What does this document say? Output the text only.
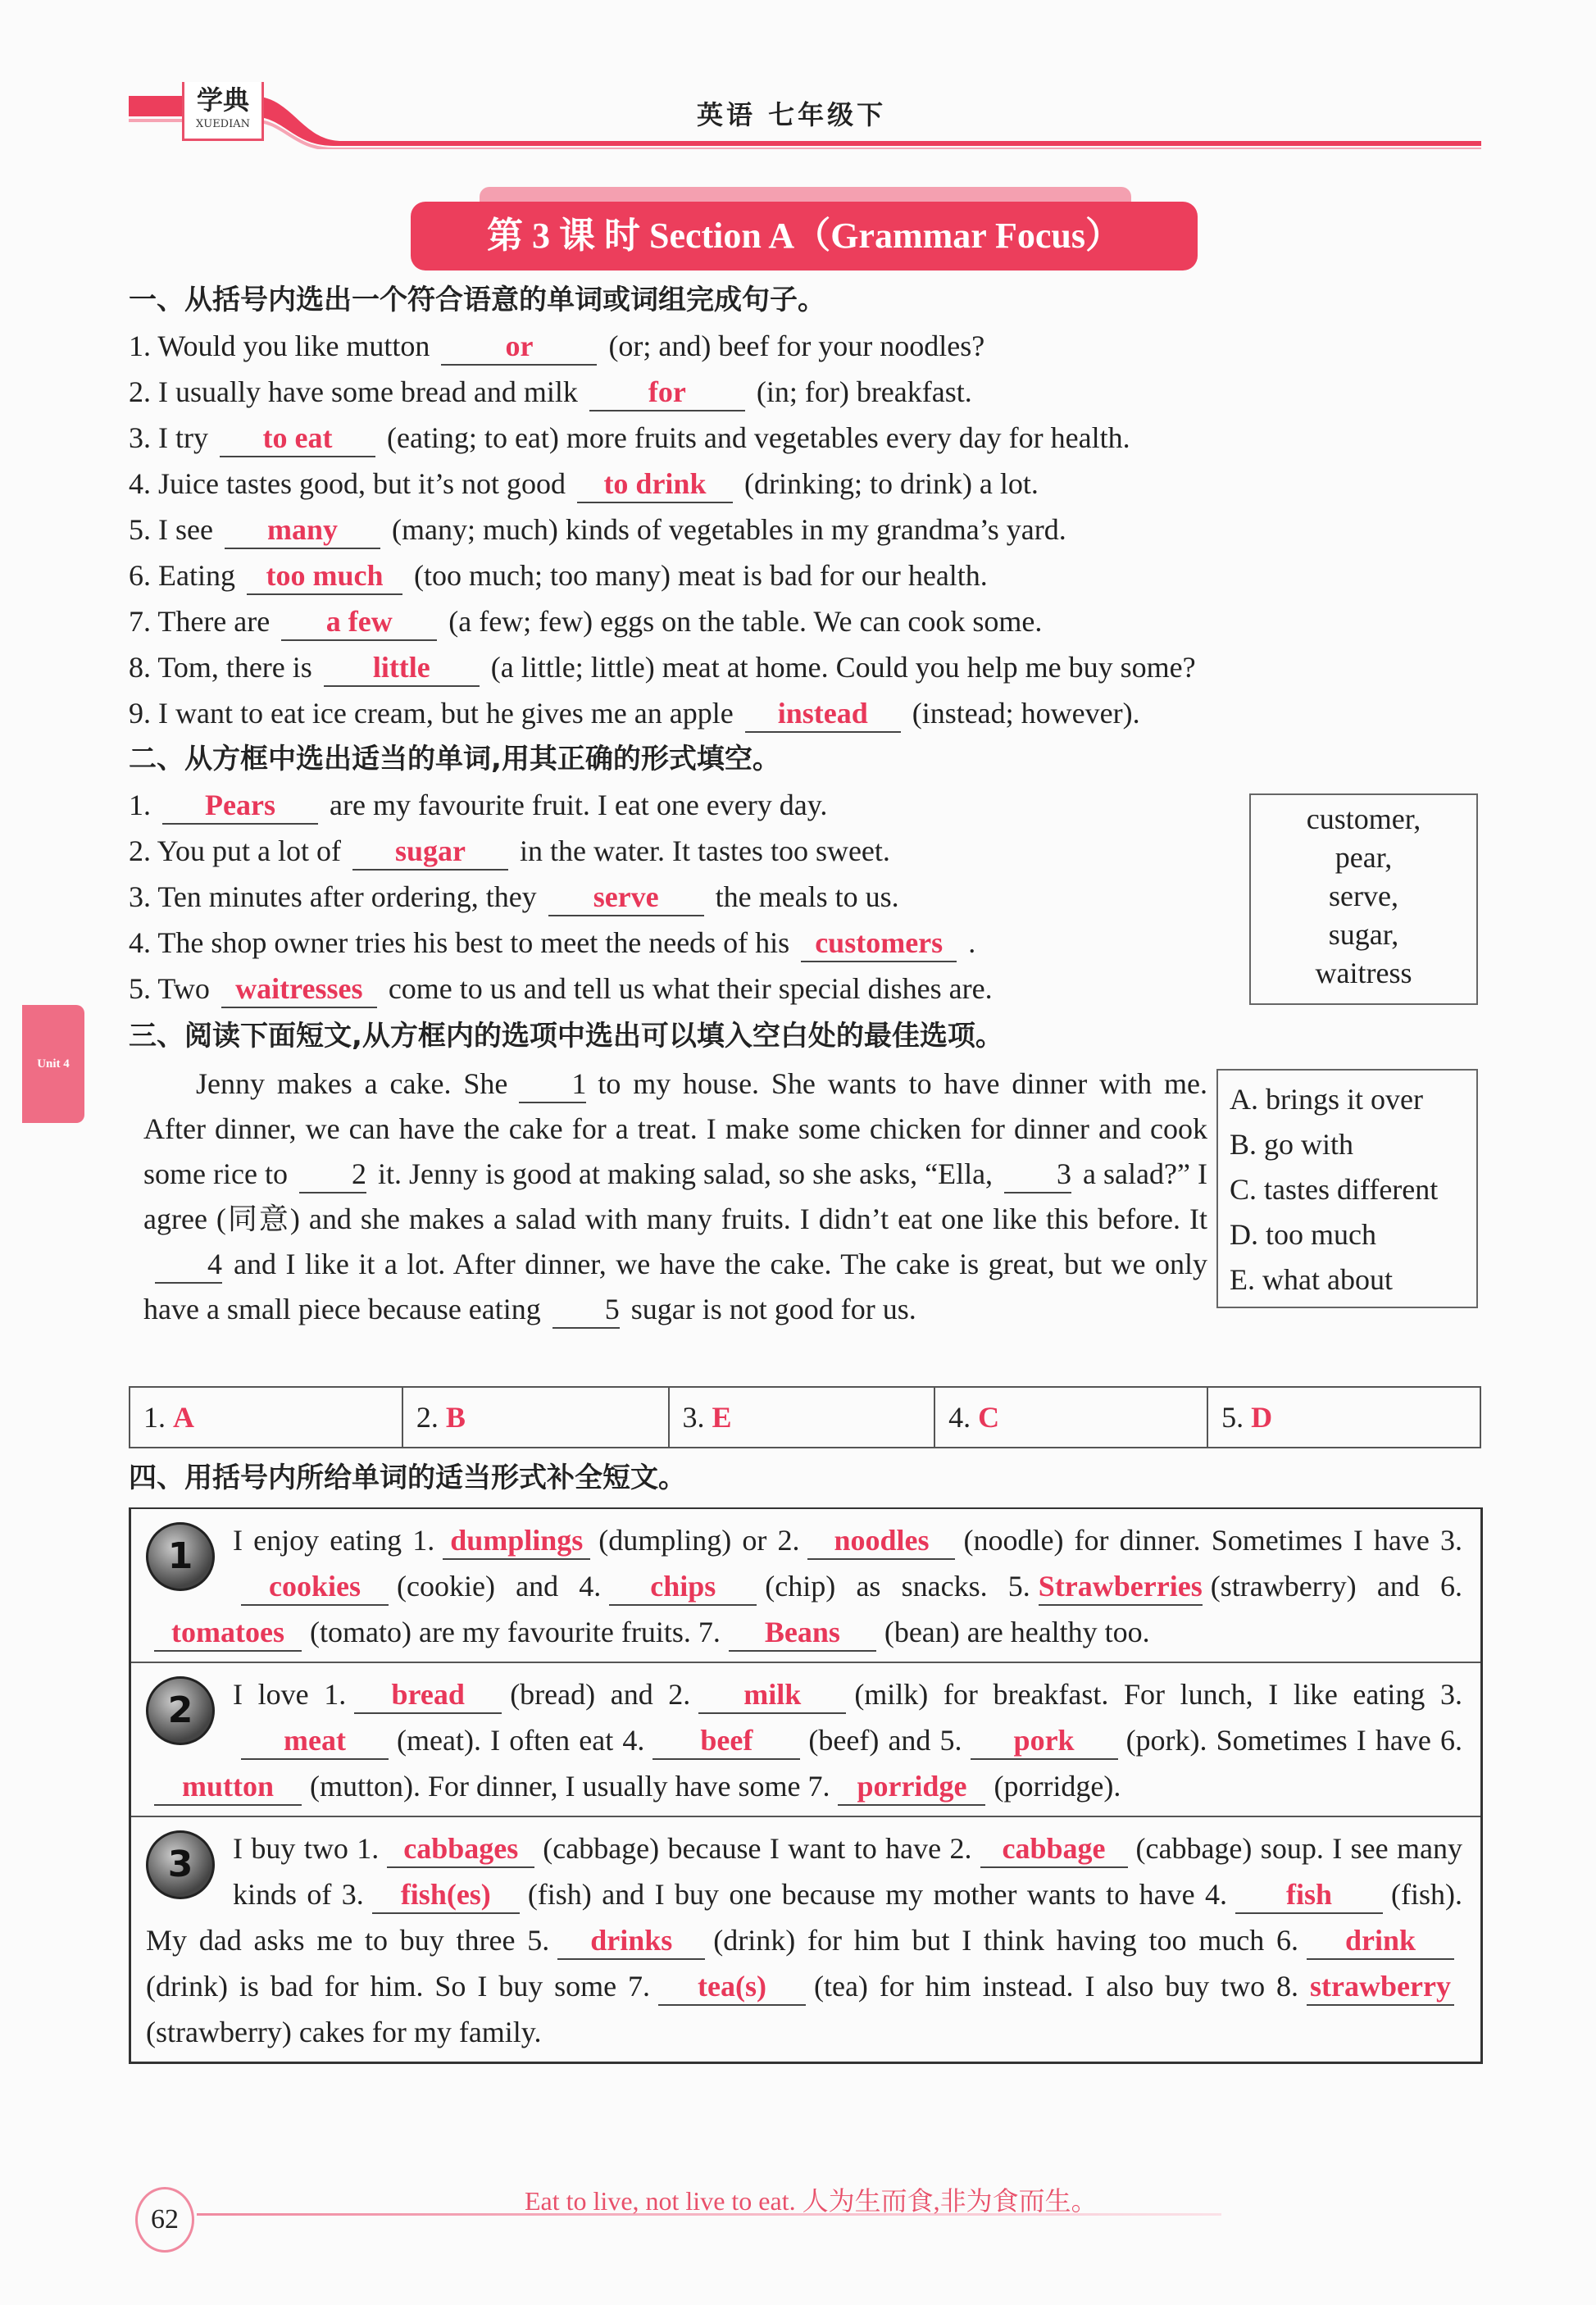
学典
XUEDIAN	英语 七年级下
第 3 课 时 Section A（Grammar Focus）
Unit 4
一、从括号内选出一个符合语意的单词或词组完成句子。
1. Would you like mutton	or	(or; and) beef for your noodles?
2. I usually have some bread and milk for (in; for) breakfast.
3. I try to eat (eating; to eat) more fruits and vegetables every day for health.
4. Juice tastes good, but it’s not good to drink (drinking; to drink) a lot.
5. I see many (many; much) kinds of vegetables in my grandma’s yard.
6. Eating too much (too much; too many) meat is bad for our health.
7. There are a few (a few; few) eggs on the table. We can cook some.
8. Tom, there is little (a little; little) meat at home. Could you help me buy some?
9. I want to eat ice cream, but he gives me an apple instead (instead; however).
二、从方框中选出适当的单词,用其正确的形式填空。
1. Pears are my favourite fruit. I eat one every day.
2. You put a lot of sugar in the water. It tastes too sweet.
3. Ten minutes after ordering, they serve the meals to us.
4. The shop owner tries his best to meet the needs of his customers .
5. Two waitresses come to us and tell us what their special dishes are.
customer,
pear,
serve,
sugar,
waitress
三、阅读下面短文,从方框内的选项中选出可以填入空白处的最佳选项。

Jenny makes a cake. She 1 to my house. She wants to have dinner with me. After dinner, we can have the cake for a treat. I make some chicken for dinner and cook some rice to 2 it. Jenny is good at making salad, so she asks, “Ella, 3 a salad?” I agree (同意) and she makes a salad with many fruits. I didn’t eat one like this before. It4 and I like it a lot. After dinner, we have the cake. The cake is great, but we only have a small piece because eating 5 sugar is not good for us.

A. brings it over
B. go with
C. tastes different
D. too much
E. what about
1. A	2. B	3. E	4. C	5. D
四、用括号内所给单词的适当形式补全短文。
1	I enjoy eating 1. dumplings (dumpling) or 2. noodles (noodle) for dinner. Sometimes I have 3.cookies (cookie) and 4. chips (chip) as snacks. 5. Strawberries (strawberry) and 6.tomatoes (tomato) are my favourite fruits. 7. Beans (bean) are healthy too.
2	I love 1. bread (bread) and 2. milk (milk) for breakfast. For lunch, I like eating 3.meat (meat). I often eat 4. beef (beef) and 5. pork (pork). Sometimes I have 6.mutton (mutton). For dinner, I usually have some 7. porridge (porridge).
3	I buy two 1. cabbages (cabbage) because I want to have 2. cabbage (cabbage) soup. I see many kinds of 3. fish(es) (fish) and I buy one because my mother wants to have 4. fish (fish). My dad asks me to buy three 5. drinks (drink) for him but I think having too much 6. drink(drink) is bad for him. So I buy some 7. tea(s) (tea) for him instead. I also buy two 8. strawberry(strawberry) cakes for my family.
62
Eat to live, not live to eat. 人为生而食,非为食而生。
